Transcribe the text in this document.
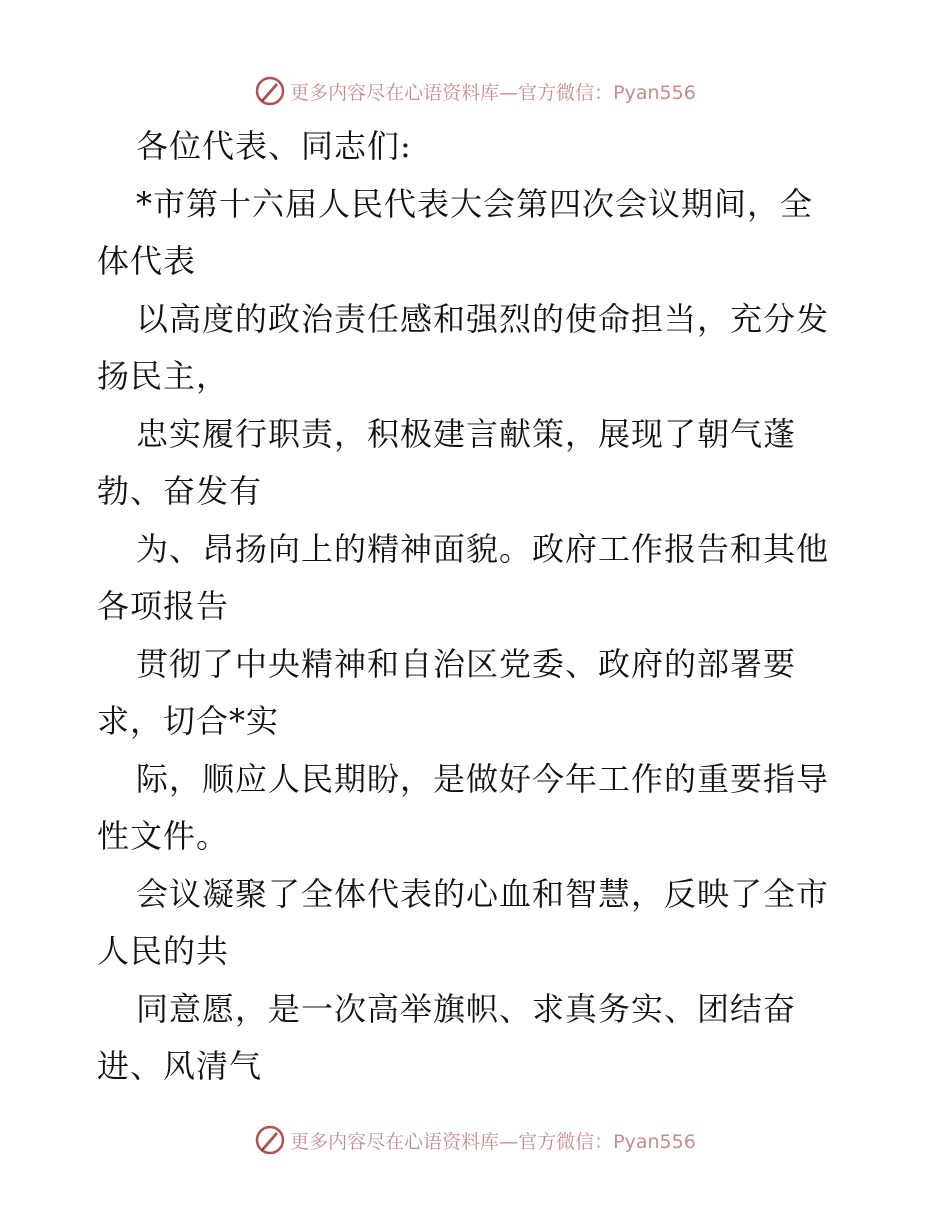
更多内容尽在心语资料库—官方微信：Pyan556
各位代表、同志们:
*市第十六届人民代表大会第四次会议期间，全
体代表
以高度的政治责任感和强烈的使命担当，充分发
扬民主，
忠实履行职责，积极建言献策，展现了朝气蓬
勃、奋发有
为、昂扬向上的精神面貌。政府工作报告和其他
各项报告
贯彻了中央精神和自治区党委、政府的部署要
求，切合*实
际，顺应人民期盼，是做好今年工作的重要指导
性文件。
会议凝聚了全体代表的心血和智慧，反映了全市
人民的共
同意愿，是一次高举旗帜、求真务实、团结奋
进、风清气
更多内容尽在心语资料库—官方微信：Pyan556
